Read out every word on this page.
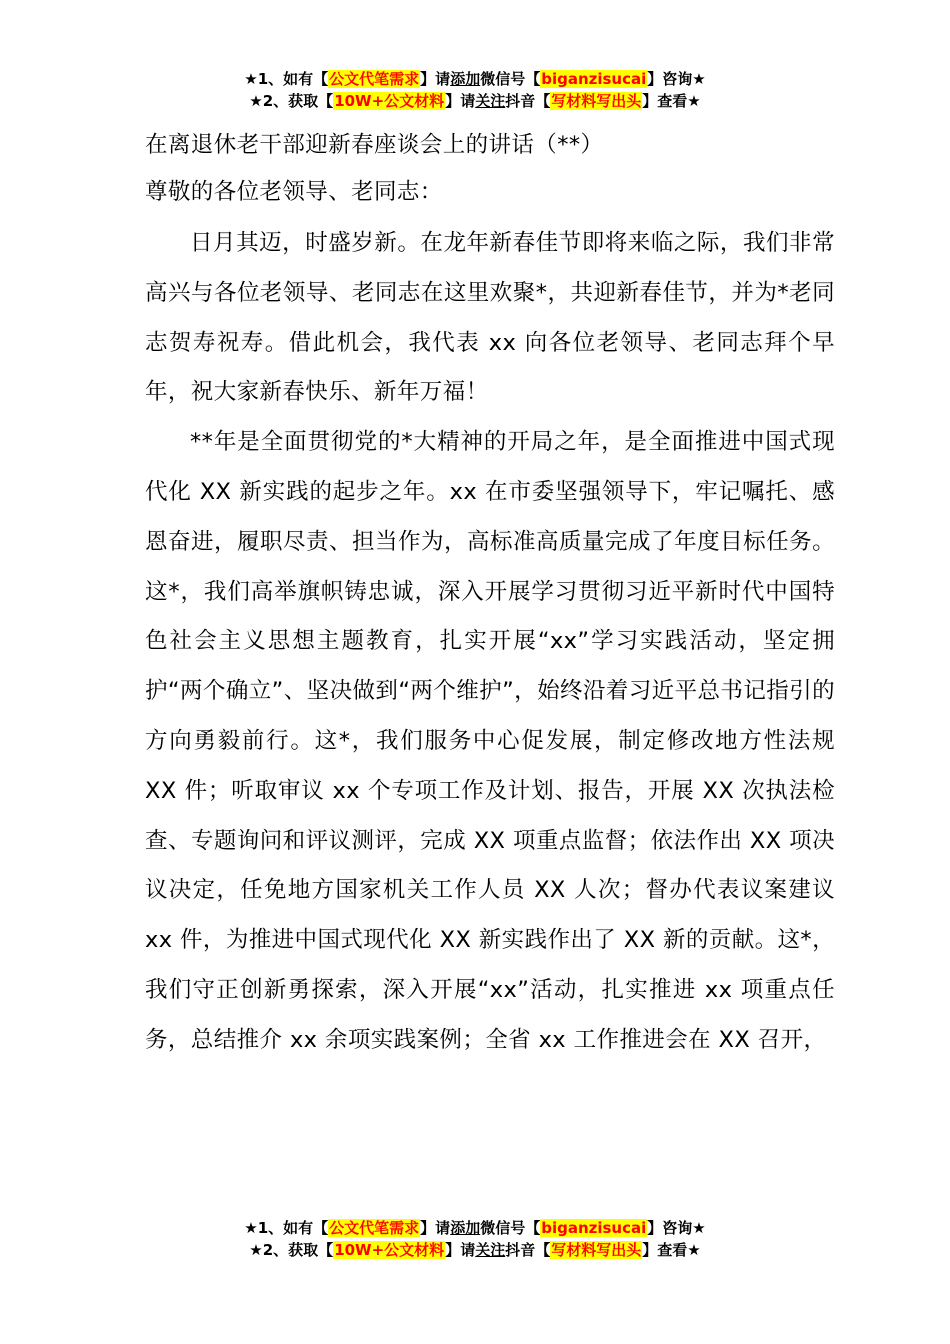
★1、如有【公文代笔需求】请添加微信号【biganzisucai】咨询★
★2、获取【10W+公文材料】请关注抖音【写材料写出头】查看★
在离退休老干部迎新春座谈会上的讲话（**）
尊敬的各位老领导、老同志：

日月其迈，时盛岁新。在龙年新春佳节即将来临之际，我们非常高兴与各位老领导、老同志在这里欢聚*，共迎新春佳节，并为*老同志贺寿祝寿。借此机会，我代表 xx 向各位老领导、老同志拜个早年，祝大家新春快乐、新年万福！

**年是全面贯彻党的*大精神的开局之年，是全面推进中国式现代化 XX 新实践的起步之年。xx 在市委坚强领导下，牢记嘱托、感恩奋进，履职尽责、担当作为，高标准高质量完成了年度目标任务。这*，我们高举旗帜铸忠诚，深入开展学习贯彻习近平新时代中国特色社会主义思想主题教育，扎实开展“xx”学习实践活动，坚定拥护“两个确立”、坚决做到“两个维护”，始终沿着习近平总书记指引的方向勇毅前行。这*，我们服务中心促发展，制定修改地方性法规 XX 件；听取审议 xx 个专项工作及计划、报告，开展 XX 次执法检查、专题询问和评议测评，完成 XX 项重点监督；依法作出 XX 项决议决定，任免地方国家机关工作人员 XX 人次；督办代表议案建议 xx 件，为推进中国式现代化 XX 新实践作出了 XX 新的贡献。这*，我们守正创新勇探索，深入开展“xx”活动，扎实推进 xx 项重点任务，总结推介 xx 余项实践案例；全省 xx 工作推进会在 XX 召开，

★1、如有【公文代笔需求】请添加微信号【biganzisucai】咨询★
★2、获取【10W+公文材料】请关注抖音【写材料写出头】查看★
